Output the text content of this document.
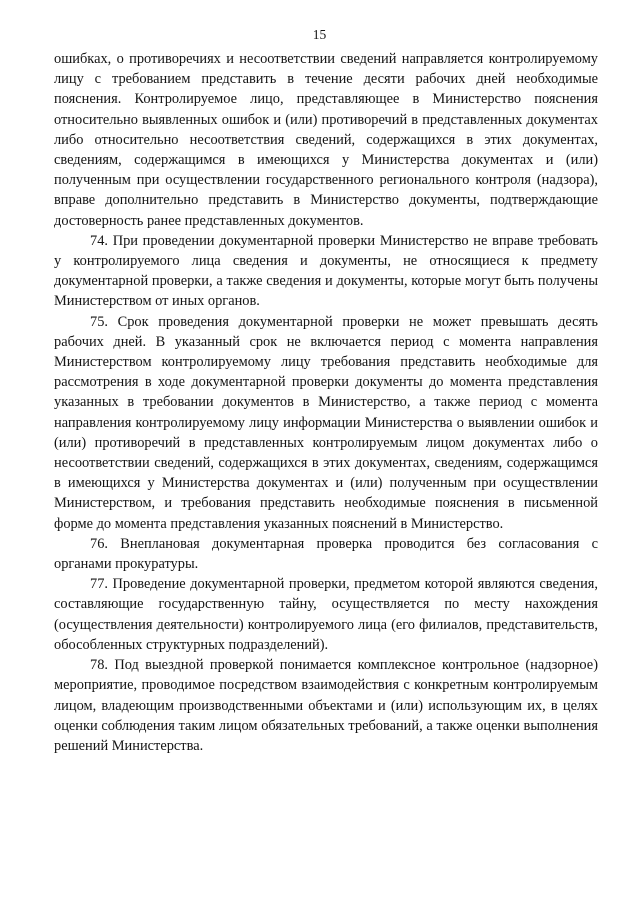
15

ошибках, о противоречиях и несоответствии сведений направляется контролируемому лицу с требованием представить в течение десяти рабочих дней необходимые пояснения. Контролируемое лицо, представляющее в Министерство пояснения относительно выявленных ошибок и (или) противоречий в представленных документах либо относительно несоответствия сведений, содержащихся в этих документах, сведениям, содержащимся в имеющихся у Министерства документах и (или) полученным при осуществлении государственного регионального контроля (надзора), вправе дополнительно представить в Министерство документы, подтверждающие достоверность ранее представленных документов.

74. При проведении документарной проверки Министерство не вправе требовать у контролируемого лица сведения и документы, не относящиеся к предмету документарной проверки, а также сведения и документы, которые могут быть получены Министерством от иных органов.

75. Срок проведения документарной проверки не может превышать десять рабочих дней. В указанный срок не включается период с момента направления Министерством контролируемому лицу требования представить необходимые для рассмотрения в ходе документарной проверки документы до момента представления указанных в требовании документов в Министерство, а также период с момента направления контролируемому лицу информации Министерства о выявлении ошибок и (или) противоречий в представленных контролируемым лицом документах либо о несоответствии сведений, содержащихся в этих документах, сведениям, содержащимся в имеющихся у Министерства документах и (или) полученным при осуществлении Министерством, и требования представить необходимые пояснения в письменной форме до момента представления указанных пояснений в Министерство.

76. Внеплановая документарная проверка проводится без согласования с органами прокуратуры.

77. Проведение документарной проверки, предметом которой являются сведения, составляющие государственную тайну, осуществляется по месту нахождения (осуществления деятельности) контролируемого лица (его филиалов, представительств, обособленных структурных подразделений).

78. Под выездной проверкой понимается комплексное контрольное (надзорное) мероприятие, проводимое посредством взаимодействия с конкретным контролируемым лицом, владеющим производственными объектами и (или) использующим их, в целях оценки соблюдения таким лицом обязательных требований, а также оценки выполнения решений Министерства.
